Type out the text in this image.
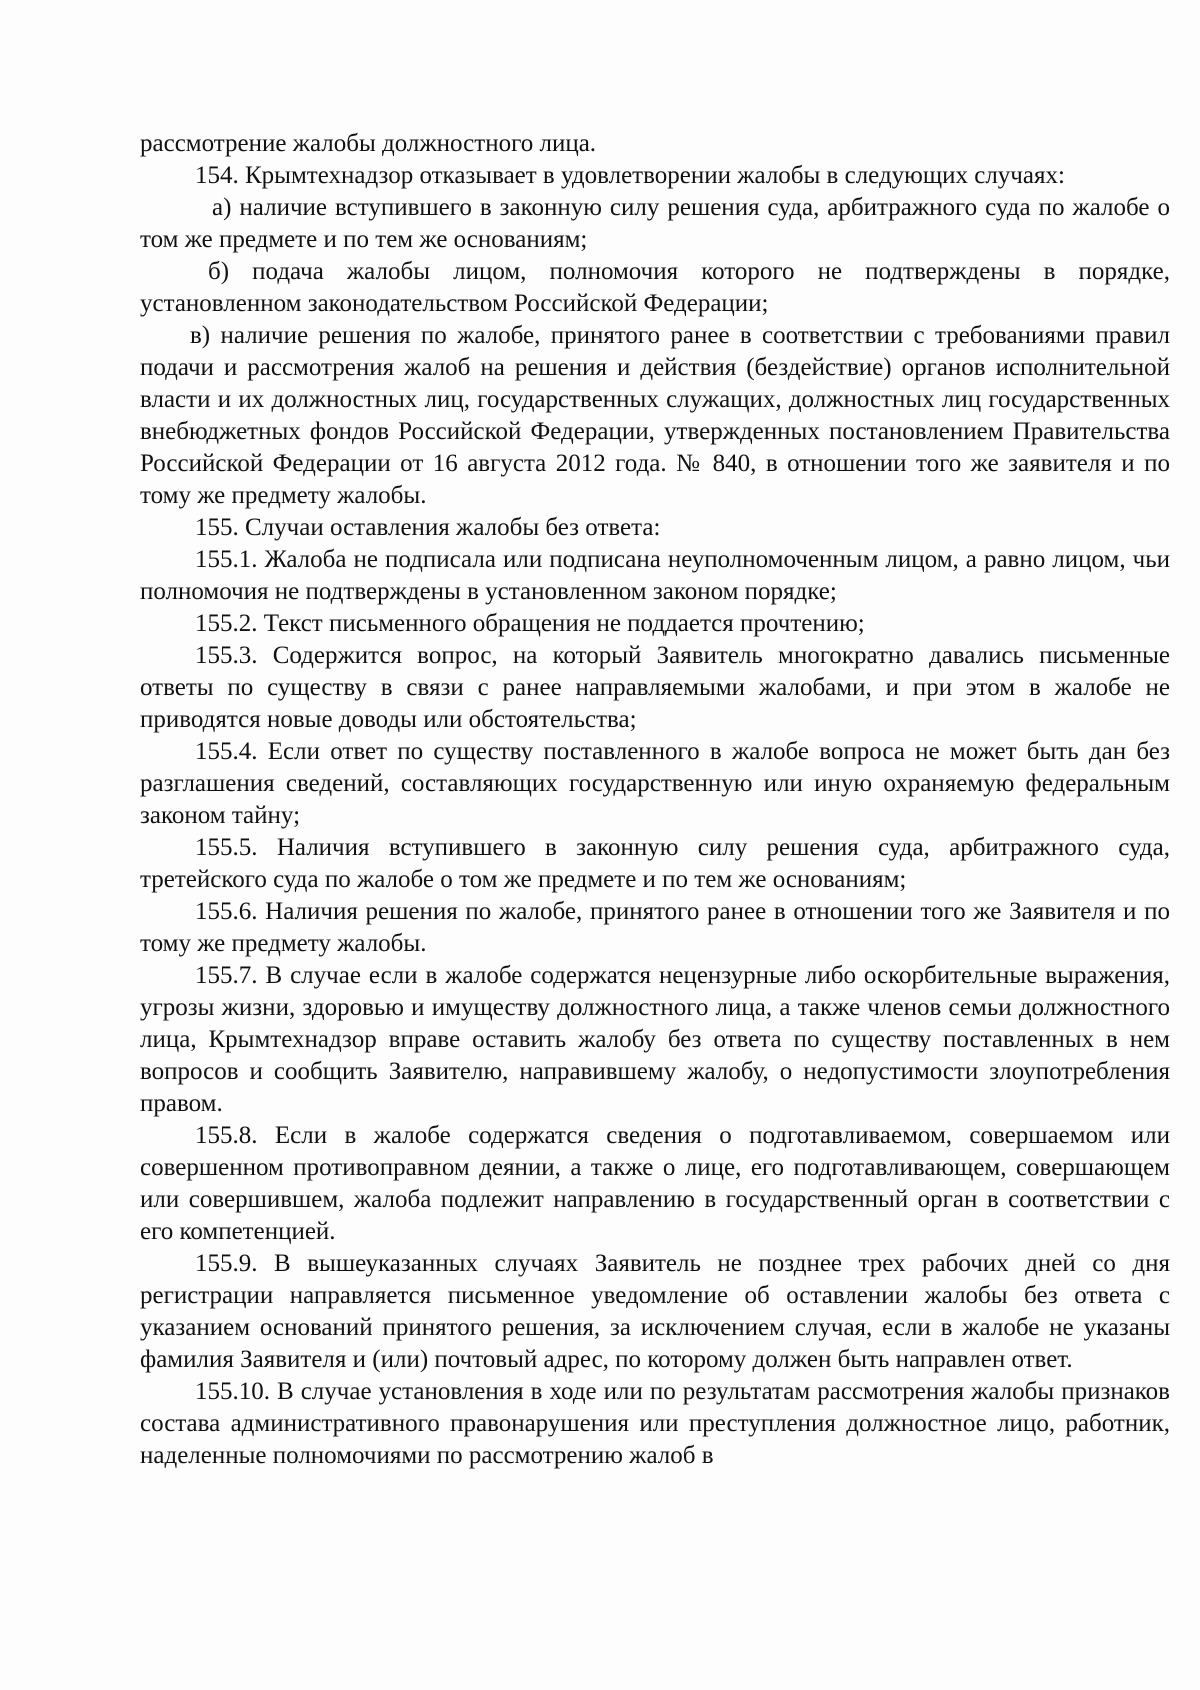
рассмотрение жалобы должностного лица.

154. Крымтехнадзор отказывает в удовлетворении жалобы в следующих случаях:

а) наличие вступившего в законную силу решения суда, арбитражного суда по жалобе о том же предмете и по тем же основаниям;

б) подача жалобы лицом, полномочия которого не подтверждены в порядке, установленном законодательством Российской Федерации;

в) наличие решения по жалобе, принятого ранее в соответствии с требованиями правил подачи и рассмотрения жалоб на решения и действия (бездействие) органов исполнительной власти и их должностных лиц, государственных служащих, должностных лиц государственных внебюджетных фондов Российской Федерации, утвержденных постановлением Правительства Российской Федерации от 16 августа 2012 года. № 840, в отношении того же заявителя и по тому же предмету жалобы.

155. Случаи оставления жалобы без ответа:

155.1. Жалоба не подписала или подписана неуполномоченным лицом, а равно лицом, чьи полномочия не подтверждены в установленном законом порядке;

155.2. Текст письменного обращения не поддается прочтению;

155.3. Содержится вопрос, на который Заявитель многократно давались письменные ответы по существу в связи с ранее направляемыми жалобами, и при этом в жалобе не приводятся новые доводы или обстоятельства;

155.4. Если ответ по существу поставленного в жалобе вопроса не может быть дан без разглашения сведений, составляющих государственную или иную охраняемую федеральным законом тайну;

155.5. Наличия вступившего в законную силу решения суда, арбитражного суда, третейского суда по жалобе о том же предмете и по тем же основаниям;

155.6. Наличия решения по жалобе, принятого ранее в отношении того же Заявителя и по тому же предмету жалобы.

155.7. В случае если в жалобе содержатся нецензурные либо оскорбительные выражения, угрозы жизни, здоровью и имуществу должностного лица, а также членов семьи должностного лица, Крымтехнадзор вправе оставить жалобу без ответа по существу поставленных в нем вопросов и сообщить Заявителю, направившему жалобу, о недопустимости злоупотребления правом.

155.8. Если в жалобе содержатся сведения о подготавливаемом, совершаемом или совершенном противоправном деянии, а также о лице, его подготавливающем, совершающем или совершившем, жалоба подлежит направлению в государственный орган в соответствии с его компетенцией.

155.9. В вышеуказанных случаях Заявитель не позднее трех рабочих дней со дня регистрации направляется письменное уведомление об оставлении жалобы без ответа с указанием оснований принятого решения, за исключением случая, если в жалобе не указаны фамилия Заявителя и (или) почтовый адрес, по которому должен быть направлен ответ.

155.10. В случае установления в ходе или по результатам рассмотрения жалобы признаков состава административного правонарушения или преступления должностное лицо, работник, наделенные полномочиями по рассмотрению жалоб в
